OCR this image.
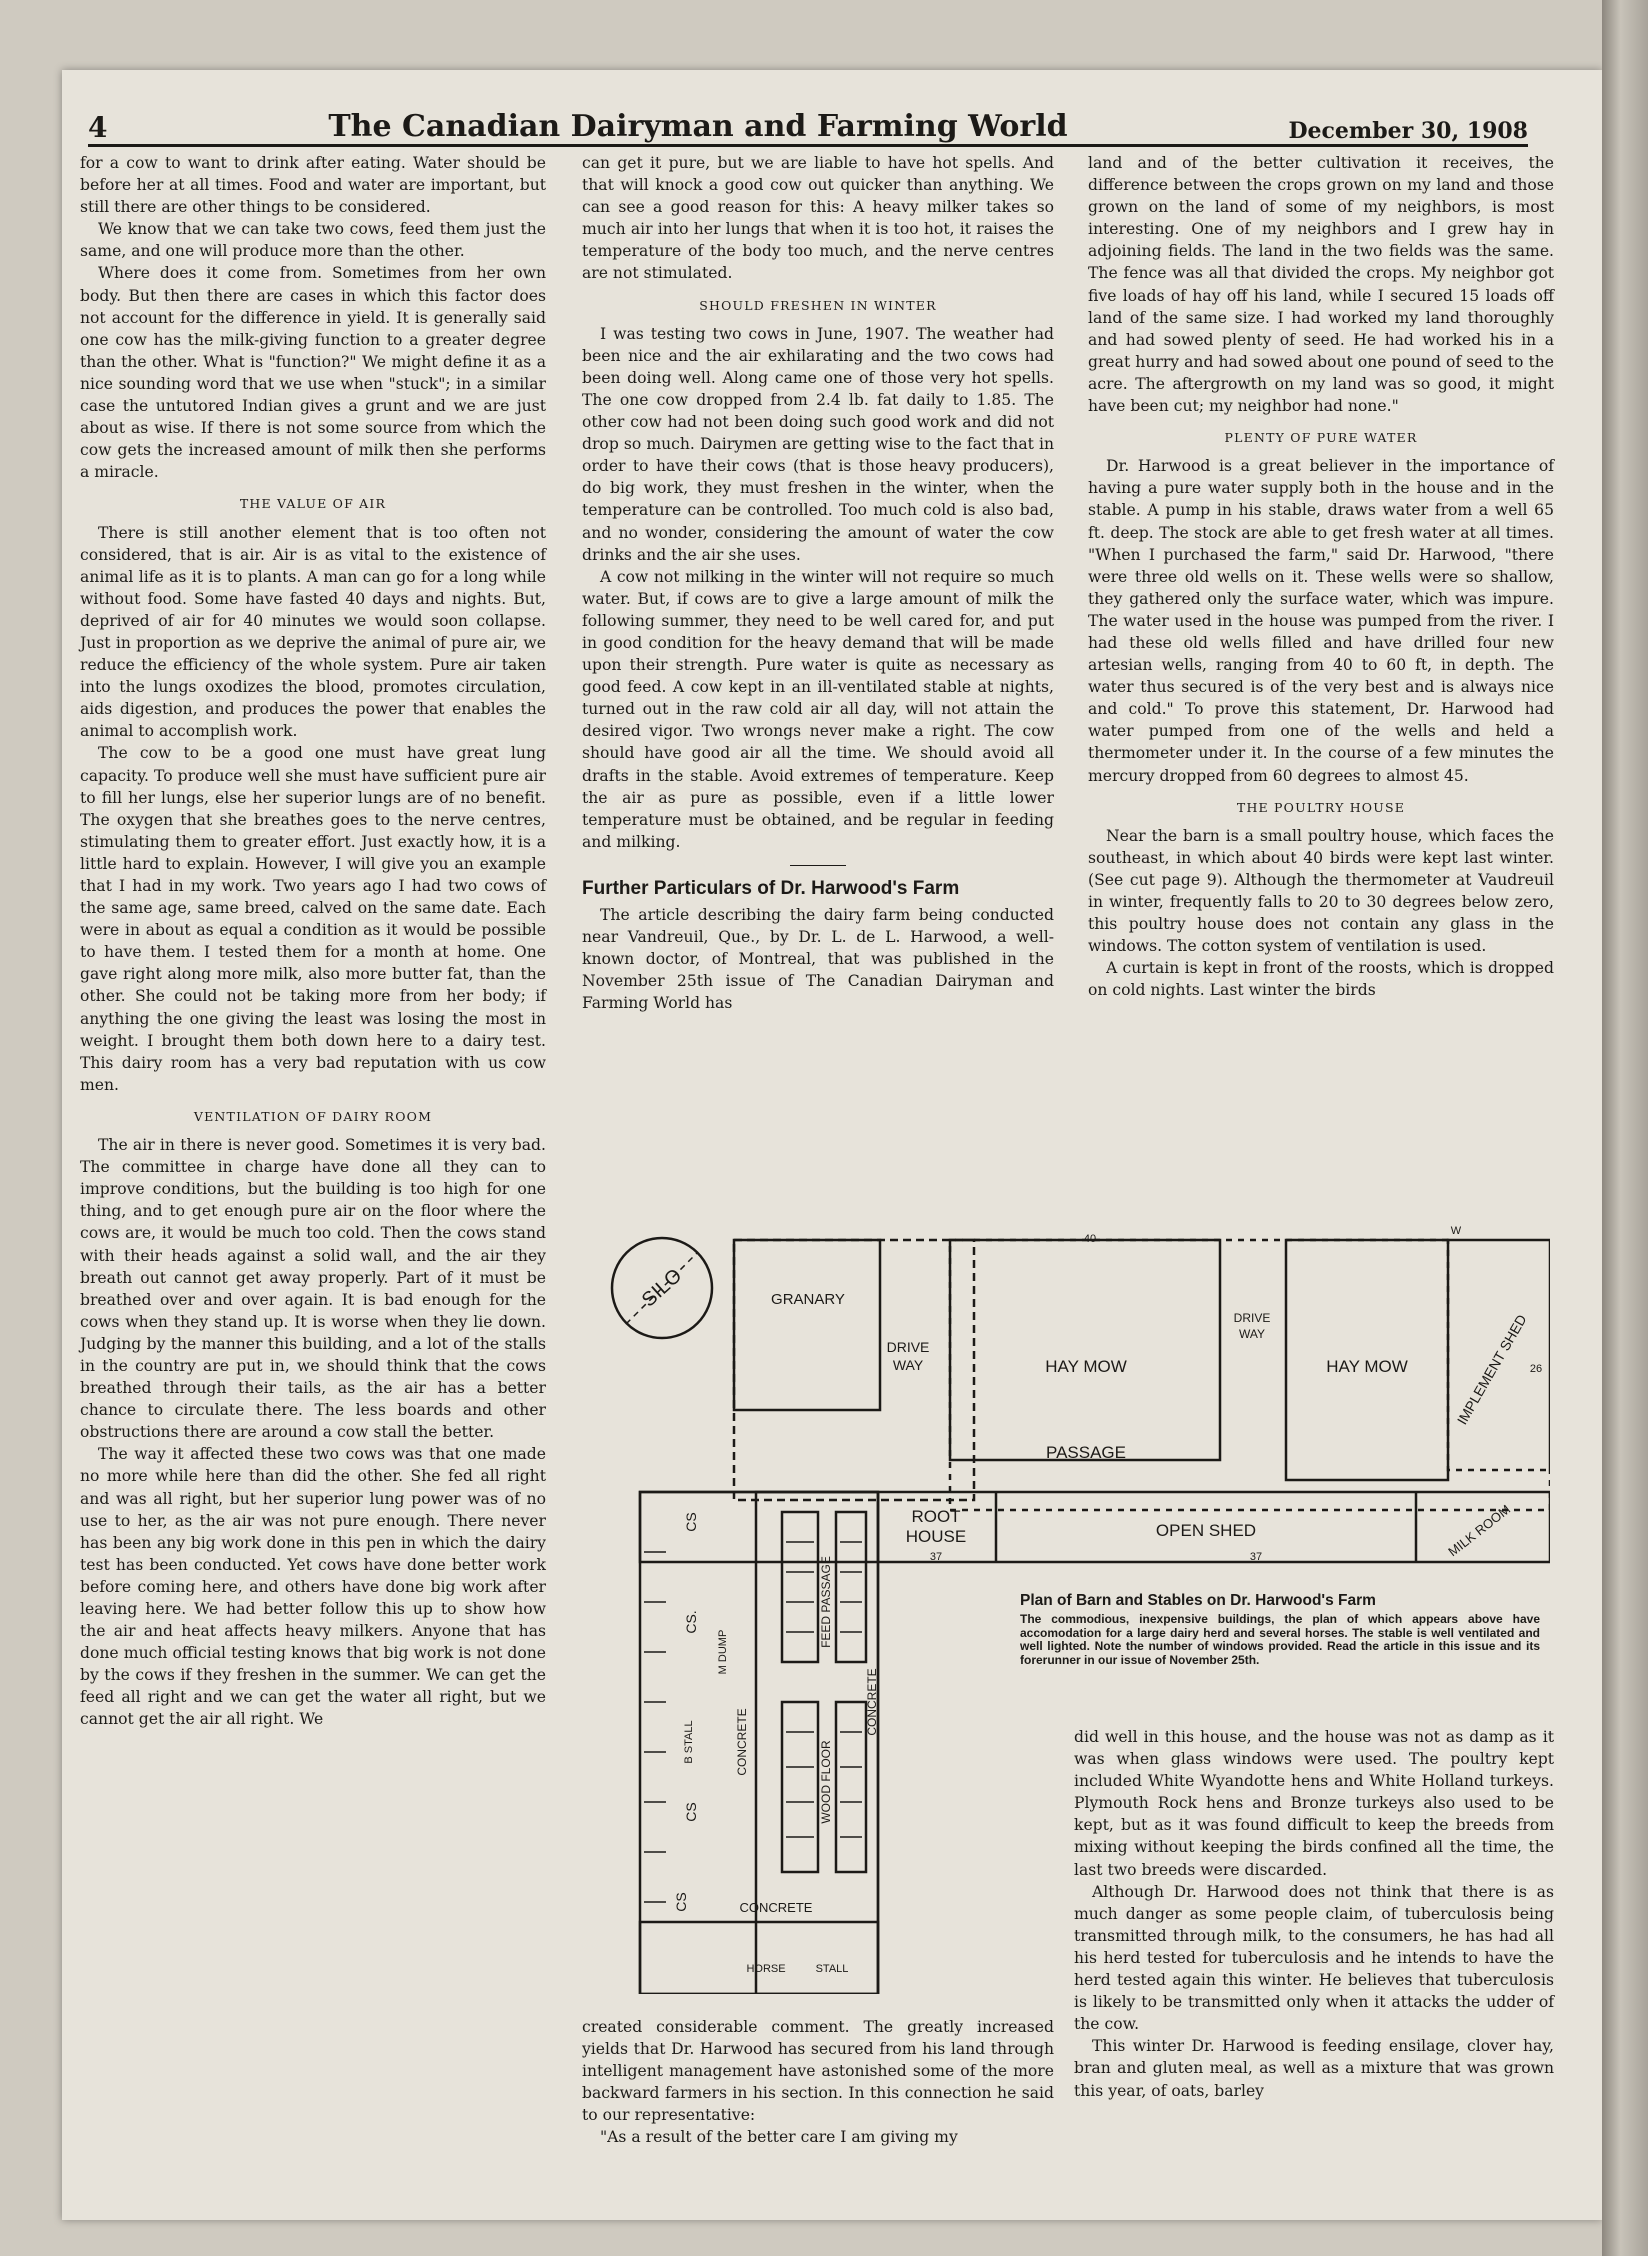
4	The Canadian Dairyman and Farming World	December 30, 1908

for a cow to want to drink after eating. Water should be before her at all times. Food and water are important, but still there are other things to be considered.

We know that we can take two cows, feed them just the same, and one will produce more than the other.

Where does it come from. Sometimes from her own body. But then there are cases in which this factor does not account for the difference in yield. It is generally said one cow has the milk-giving function to a greater degree than the other. What is "function?" We might define it as a nice sounding word that we use when "stuck"; in a similar case the untutored Indian gives a grunt and we are just about as wise. If there is not some source from which the cow gets the increased amount of milk then she performs a miracle.

THE VALUE OF AIR

There is still another element that is too often not considered, that is air. Air is as vital to the existence of animal life as it is to plants. A man can go for a long while without food. Some have fasted 40 days and nights. But, deprived of air for 40 minutes we would soon collapse. Just in proportion as we deprive the animal of pure air, we reduce the efficiency of the whole system. Pure air taken into the lungs oxodizes the blood, promotes circulation, aids digestion, and produces the power that enables the animal to accomplish work.

The cow to be a good one must have great lung capacity. To produce well she must have sufficient pure air to fill her lungs, else her superior lungs are of no benefit. The oxygen that she breathes goes to the nerve centres, stimulating them to greater effort. Just exactly how, it is a little hard to explain. However, I will give you an example that I had in my work. Two years ago I had two cows of the same age, same breed, calved on the same date. Each were in about as equal a condition as it would be possible to have them. I tested them for a month at home. One gave right along more milk, also more butter fat, than the other. She could not be taking more from her body; if anything the one giving the least was losing the most in weight. I brought them both down here to a dairy test. This dairy room has a very bad reputation with us cow men.

VENTILATION OF DAIRY ROOM

The air in there is never good. Sometimes it is very bad. The committee in charge have done all they can to improve conditions, but the building is too high for one thing, and to get enough pure air on the floor where the cows are, it would be much too cold. Then the cows stand with their heads against a solid wall, and the air they breath out cannot get away properly. Part of it must be breathed over and over again. It is bad enough for the cows when they stand up. It is worse when they lie down. Judging by the manner this building, and a lot of the stalls in the country are put in, we should think that the cows breathed through their tails, as the air has a better chance to circulate there. The less boards and other obstructions there are around a cow stall the better.

The way it affected these two cows was that one made no more while here than did the other. She fed all right and was all right, but her superior lung power was of no use to her, as the air was not pure enough. There never has been any big work done in this pen in which the dairy test has been conducted. Yet cows have done better work before coming here, and others have done big work after leaving here. We had better follow this up to show how the air and heat affects heavy milkers. Anyone that has done much official testing knows that big work is not done by the cows if they freshen in the summer. We can get the feed all right and we can get the water all right, but we cannot get the air all right. We

can get it pure, but we are liable to have hot spells. And that will knock a good cow out quicker than anything. We can see a good reason for this: A heavy milker takes so much air into her lungs that when it is too hot, it raises the temperature of the body too much, and the nerve centres are not stimulated.

SHOULD FRESHEN IN WINTER

I was testing two cows in June, 1907. The weather had been nice and the air exhilarating and the two cows had been doing well. Along came one of those very hot spells. The one cow dropped from 2.4 lb. fat daily to 1.85. The other cow had not been doing such good work and did not drop so much. Dairymen are getting wise to the fact that in order to have their cows (that is those heavy producers), do big work, they must freshen in the winter, when the temperature can be controlled. Too much cold is also bad, and no wonder, considering the amount of water the cow drinks and the air she uses.

A cow not milking in the winter will not require so much water. But, if cows are to give a large amount of milk the following summer, they need to be well cared for, and put in good condition for the heavy demand that will be made upon their strength. Pure water is quite as necessary as good feed. A cow kept in an ill-ventilated stable at nights, turned out in the raw cold air all day, will not attain the desired vigor. Two wrongs never make a right. The cow should have good air all the time. We should avoid all drafts in the stable. Avoid extremes of temperature. Keep the air as pure as possible, even if a little lower temperature must be obtained, and be regular in feeding and milking.

Further Particulars of Dr. Harwood's Farm

The article describing the dairy farm being conducted near Vandreuil, Que., by Dr. L. de L. Harwood, a well-known doctor, of Montreal, that was published in the November 25th issue of The Canadian Dairyman and Farming World has

land and of the better cultivation it receives, the difference between the crops grown on my land and those grown on the land of some of my neighbors, is most interesting. One of my neighbors and I grew hay in adjoining fields. The land in the two fields was the same. The fence was all that divided the crops. My neighbor got five loads of hay off his land, while I secured 15 loads off land of the same size. I had worked my land thoroughly and had sowed plenty of seed. He had worked his in a great hurry and had sowed about one pound of seed to the acre. The aftergrowth on my land was so good, it might have been cut; my neighbor had none."

PLENTY OF PURE WATER

Dr. Harwood is a great believer in the importance of having a pure water supply both in the house and in the stable. A pump in his stable, draws water from a well 65 ft. deep. The stock are able to get fresh water at all times. "When I purchased the farm," said Dr. Harwood, "there were three old wells on it. These wells were so shallow, they gathered only the surface water, which was impure. The water used in the house was pumped from the river. I had these old wells filled and have drilled four new artesian wells, ranging from 40 to 60 ft, in depth. The water thus secured is of the very best and is always nice and cold." To prove this statement, Dr. Harwood had water pumped from one of the wells and held a thermometer under it. In the course of a few minutes the mercury dropped from 60 degrees to almost 45.

THE POULTRY HOUSE

Near the barn is a small poultry house, which faces the southeast, in which about 40 birds were kept last winter. (See cut page 9). Although the thermometer at Vaudreuil in winter, frequently falls to 20 to 30 degrees below zero, this poultry house does not contain any glass in the windows. The cotton system of ventilation is used.

A curtain is kept in front of the roosts, which is dropped on cold nights. Last winter the birds

SILO	GRANARY
DRIVE
WAY	HAY MOW
DRIVE
WAY
HAY MOW	IMPLEMENT SHED
PASSAGE
ROOT
HOUSE	OPEN SHED	MILK ROOM
CS
CS.
CS
CS
B STALL
M DUMP
CONCRETE
FEED PASSAGE
CONCRETE
WOOD FLOOR
CONCRETE
HORSE	STALL
40
37	37
26
W
Plan of Barn and Stables on Dr. Harwood's Farm
The commodious, inexpensive buildings, the plan of which appears above have accomodation for a large dairy herd and several horses. The stable is well ventilated and well lighted. Note the number of windows provided. Read the article in this issue and its forerunner in our issue of November 25th.

created considerable comment. The greatly increased yields that Dr. Harwood has secured from his land through intelligent management have astonished some of the more backward farmers in his section. In this connection he said to our representative:

"As a result of the better care I am giving my

did well in this house, and the house was not as damp as it was when glass windows were used. The poultry kept included White Wyandotte hens and White Holland turkeys. Plymouth Rock hens and Bronze turkeys also used to be kept, but as it was found difficult to keep the breeds from mixing without keeping the birds confined all the time, the last two breeds were discarded.

Although Dr. Harwood does not think that there is as much danger as some people claim, of tuberculosis being transmitted through milk, to the consumers, he has had all his herd tested for tuberculosis and he intends to have the herd tested again this winter. He believes that tuberculosis is likely to be transmitted only when it attacks the udder of the cow.

This winter Dr. Harwood is feeding ensilage, clover hay, bran and gluten meal, as well as a mixture that was grown this year, of oats, barley
